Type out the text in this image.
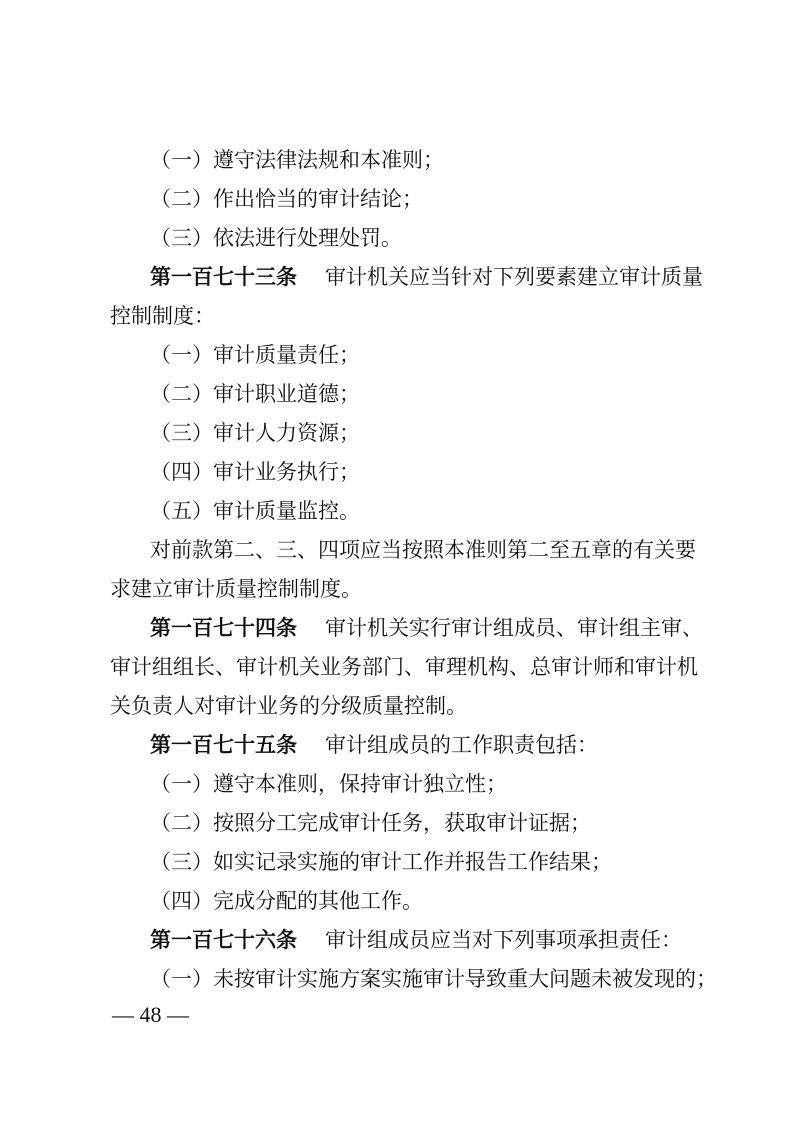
（一）遵守法律法规和本准则；
（二）作出恰当的审计结论；
（三）依法进行处理处罚。
第一百七十三条 审计机关应当针对下列要素建立审计质量
控制制度：
（一）审计质量责任；
（二）审计职业道德；
（三）审计人力资源；
（四）审计业务执行；
（五）审计质量监控。
对前款第二、三、四项应当按照本准则第二至五章的有关要
求建立审计质量控制制度。
第一百七十四条 审计机关实行审计组成员、审计组主审、
审计组组长、审计机关业务部门、审理机构、总审计师和审计机
关负责人对审计业务的分级质量控制。
第一百七十五条 审计组成员的工作职责包括：
（一）遵守本准则，保持审计独立性；
（二）按照分工完成审计任务，获取审计证据；
（三）如实记录实施的审计工作并报告工作结果；
（四）完成分配的其他工作。
第一百七十六条 审计组成员应当对下列事项承担责任：
（一）未按审计实施方案实施审计导致重大问题未被发现的；
— 48 —
